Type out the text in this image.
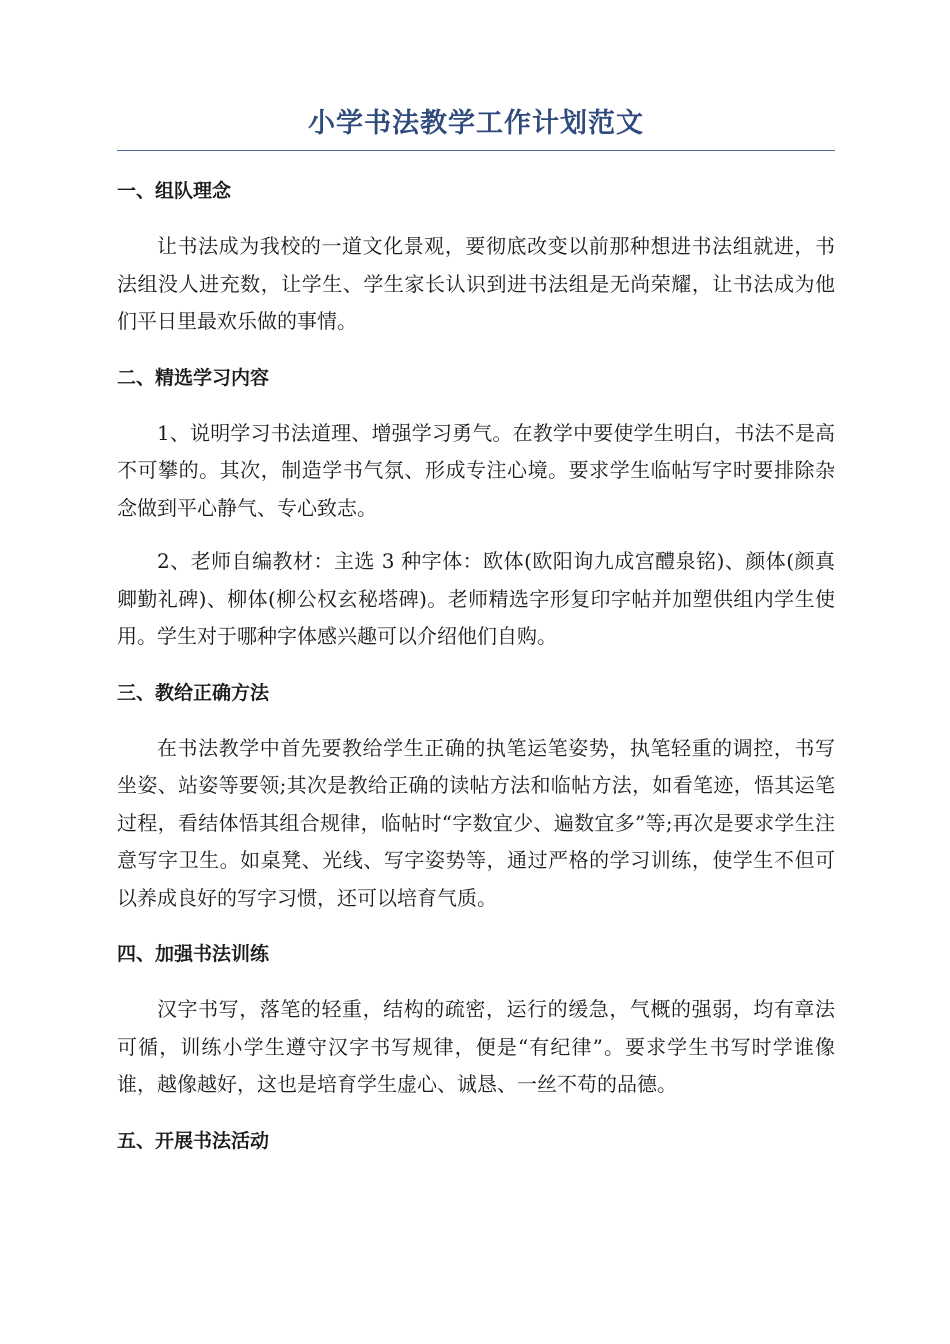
小学书法教学工作计划范文
一、组队理念

让书法成为我校的一道文化景观，要彻底改变以前那种想进书法组就进，书法组没人进充数，让学生、学生家长认识到进书法组是无尚荣耀，让书法成为他们平日里最欢乐做的事情。

二、精选学习内容

1、说明学习书法道理、增强学习勇气。在教学中要使学生明白，书法不是高不可攀的。其次，制造学书气氛、形成专注心境。要求学生临帖写字时要排除杂念做到平心静气、专心致志。

2、老师自编教材：主选 3 种字体：欧体(欧阳询九成宫醴泉铭)、颜体(颜真卿勤礼碑)、柳体(柳公权玄秘塔碑)。老师精选字形复印字帖并加塑供组内学生使用。学生对于哪种字体感兴趣可以介绍他们自购。

三、教给正确方法

在书法教学中首先要教给学生正确的执笔运笔姿势，执笔轻重的调控，书写坐姿、站姿等要领;其次是教给正确的读帖方法和临帖方法，如看笔迹，悟其运笔过程，看结体悟其组合规律，临帖时“字数宜少、遍数宜多”等;再次是要求学生注意写字卫生。如桌凳、光线、写字姿势等，通过严格的学习训练，使学生不但可以养成良好的写字习惯，还可以培育气质。

四、加强书法训练

汉字书写，落笔的轻重，结构的疏密，运行的缓急，气概的强弱，均有章法可循，训练小学生遵守汉字书写规律，便是“有纪律”。要求学生书写时学谁像谁，越像越好，这也是培育学生虚心、诚恳、一丝不苟的品德。

五、开展书法活动
